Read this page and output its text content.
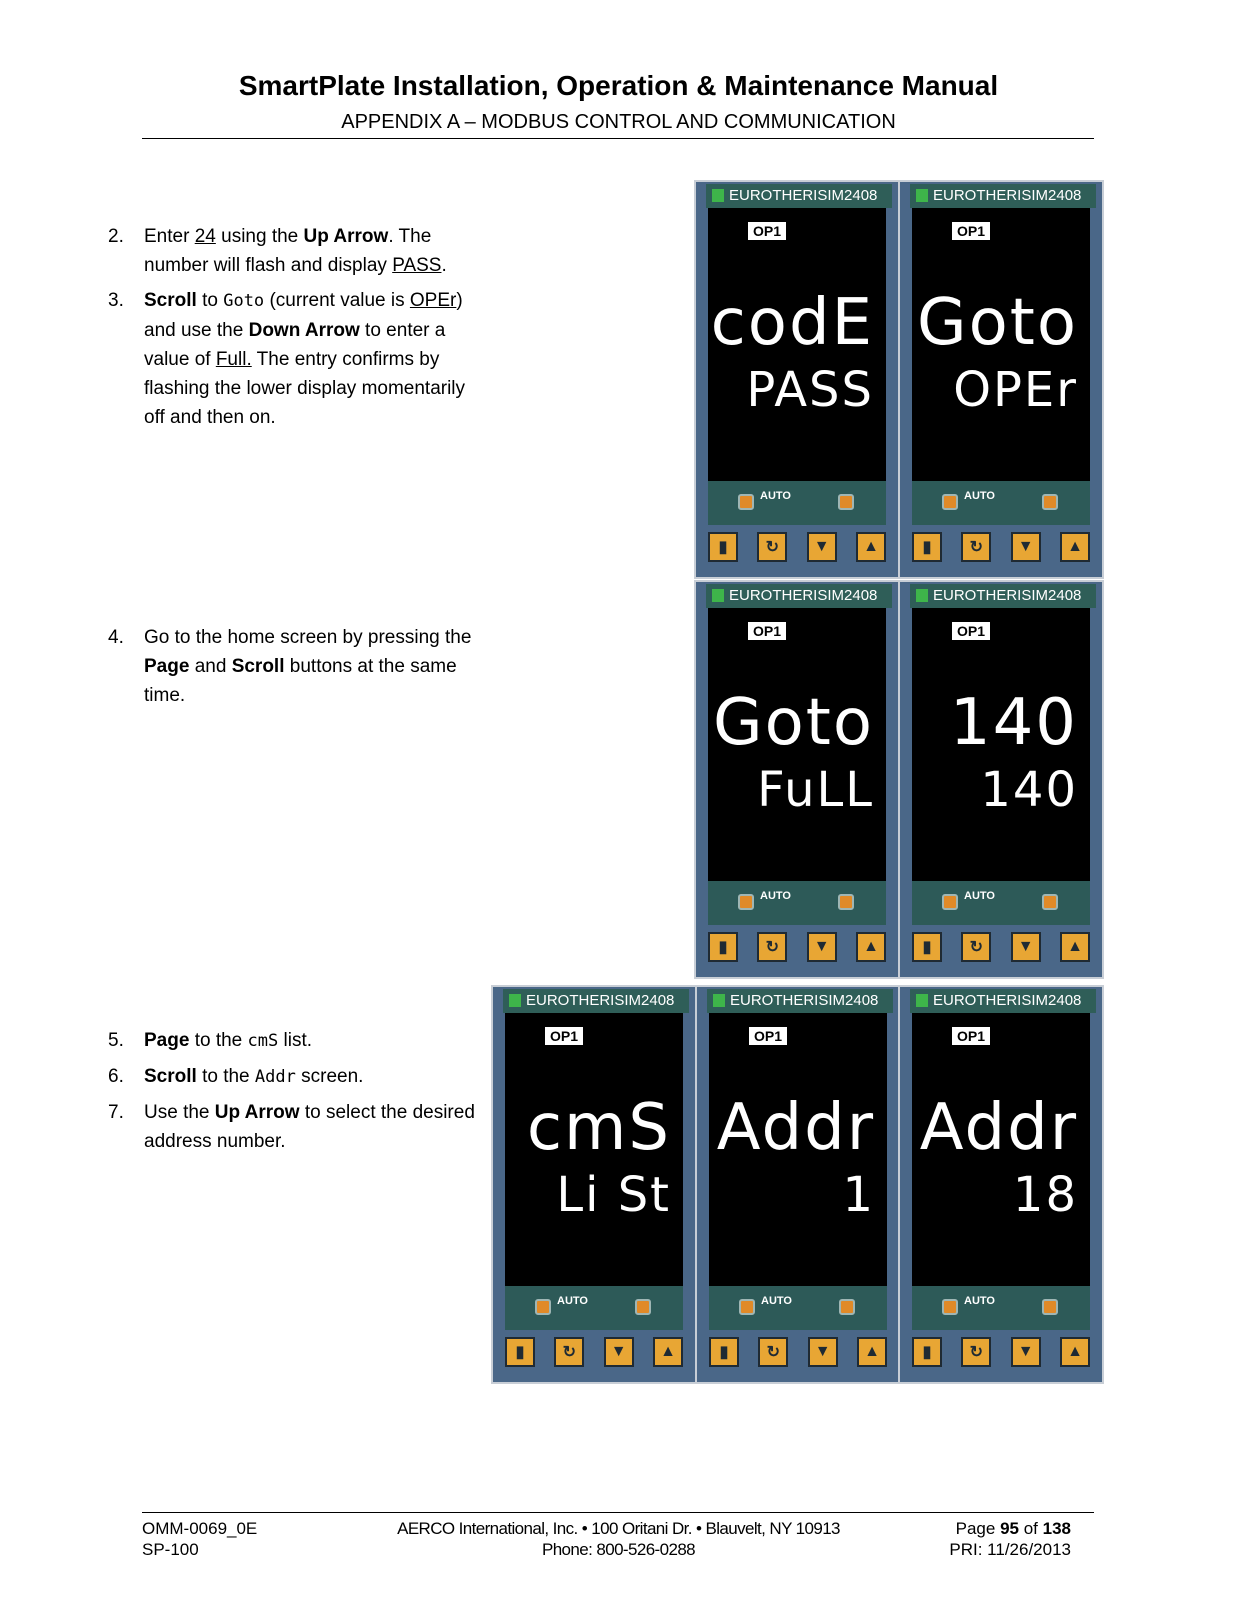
SmartPlate Installation, Operation & Maintenance Manual
APPENDIX A – MODBUS CONTROL AND COMMUNICATION
2.	Enter 24 using the Up Arrow. The number will flash and display PASS.
3.	Scroll to Goto (current value is OPEr) and use the Down Arrow to enter a value of Full. The entry confirms by flashing the lower display momentarily off and then on.
4.	Go to the home screen by pressing the Page and Scroll buttons at the same time.
5.	Page to the cmS list.
6.	Scroll to the Addr screen.
7.	Use the Up Arrow to select the desired address number.
EUROTHERISIM2408
OP1
codE
PASS
AUTO
▮	↻	▼	▲
EUROTHERISIM2408
OP1
Goto
OPEr
AUTO
▮	↻	▼	▲
EUROTHERISIM2408
OP1
Goto
FuLL
AUTO
▮	↻	▼	▲
EUROTHERISIM2408
OP1
140
140
AUTO
▮	↻	▼	▲
EUROTHERISIM2408
OP1
cmS
Li St
AUTO
▮	↻	▼	▲
EUROTHERISIM2408
OP1
Addr
1
AUTO
▮	↻	▼	▲
EUROTHERISIM2408
OP1
Addr
18
AUTO
▮	↻	▼	▲
OMM-0069_0E
SP-100
AERCO International, Inc. • 100 Oritani Dr. • Blauvelt, NY 10913
Phone: 800-526-0288
Page 95 of 138
PRI: 11/26/2013
